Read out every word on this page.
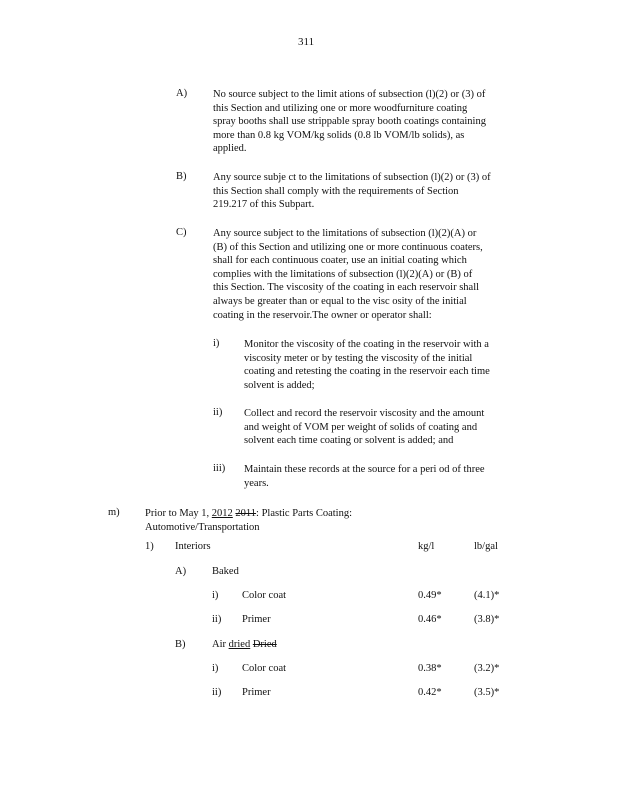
311
A) No source subject to the limit ations of subsection (l)(2) or (3) of
this Section and utilizing one or more woodfurniture coating
spray booths shall use strippable spray booth coatings containing
more than 0.8 kg VOM/kg solids (0.8 lb VOM/lb solids), as
applied.
B)	Any source subje ct to the limitations of subsection (l)(2) or (3) of
this Section shall comply with the requirements of Section
219.217 of this Subpart.
C)	Any source subject to the limitations of subsection (l)(2)(A) or
(B) of this Section and utilizing one or more continuous coaters,
shall for each continuous coater, use an initial coating which
complies with the limitations of subsection (l)(2)(A) or (B) of
this Section. The viscosity of the coating in each reservoir shall
always be greater than or equal to the visc osity of the initial
coating in the reservoir.The owner or operator shall:
i) Monitor the viscosity of the coating in the reservoir with a
viscosity meter or by testing the viscosity of the initial
coating and retesting the coating in the reservoir each time
solvent is added;
ii) Collect and record the reservoir viscosity and the amount
and weight of VOM per weight of solids of coating and
solvent each time coating or solvent is added; and
iii) Maintain these records at the source for a peri od of three
years.
m) Prior to May 1, 2012 2011: Plastic Parts Coating:
Automotive/Transportation
1) Interiors	kg/l	lb/gal
A) Baked
i) Color coat	0.49*	(4.1)*
ii) Primer	0.46*	(3.8)*
B)	Air dried Dried
i) Color coat	0.38*	(3.2)*
ii) Primer	0.42*	(3.5)*
